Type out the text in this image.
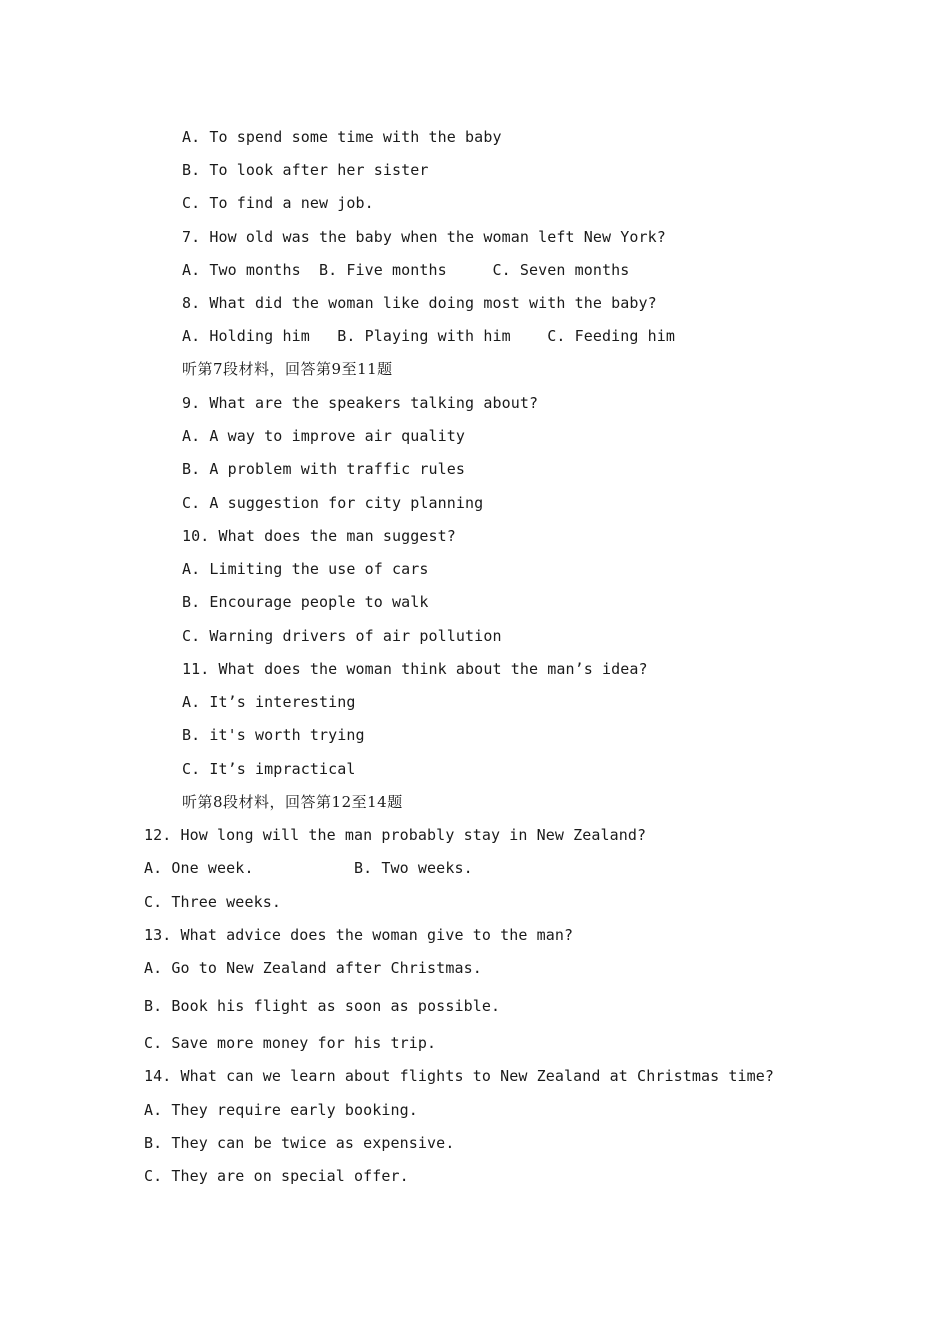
A. To spend some time with the baby
B. To look after her sister
C. To find a new job.
7. How old was the baby when the woman left New York?
A. Two months  B. Five months     C. Seven months
8. What did the woman like doing most with the baby?
A. Holding him   B. Playing with him    C. Feeding him
听第7段材料，回答第9至11题
9. What are the speakers talking about?
A. A way to improve air quality
B. A problem with traffic rules
C. A suggestion for city planning
10. What does the man suggest?
A. Limiting the use of cars
B. Encourage people to walk
C. Warning drivers of air pollution
11. What does the woman think about the man’s idea?
A. It’s interesting
B. it's worth trying
C. It’s impractical
听第8段材料，回答第12至14题
12. How long will the man probably stay in New Zealand?
A. One week.           B. Two weeks.
C. Three weeks.
13. What advice does the woman give to the man?
A. Go to New Zealand after Christmas.
B. Book his flight as soon as possible.
C. Save more money for his trip.
14. What can we learn about flights to New Zealand at Christmas time?
A. They require early booking.
B. They can be twice as expensive.
C. They are on special offer.
